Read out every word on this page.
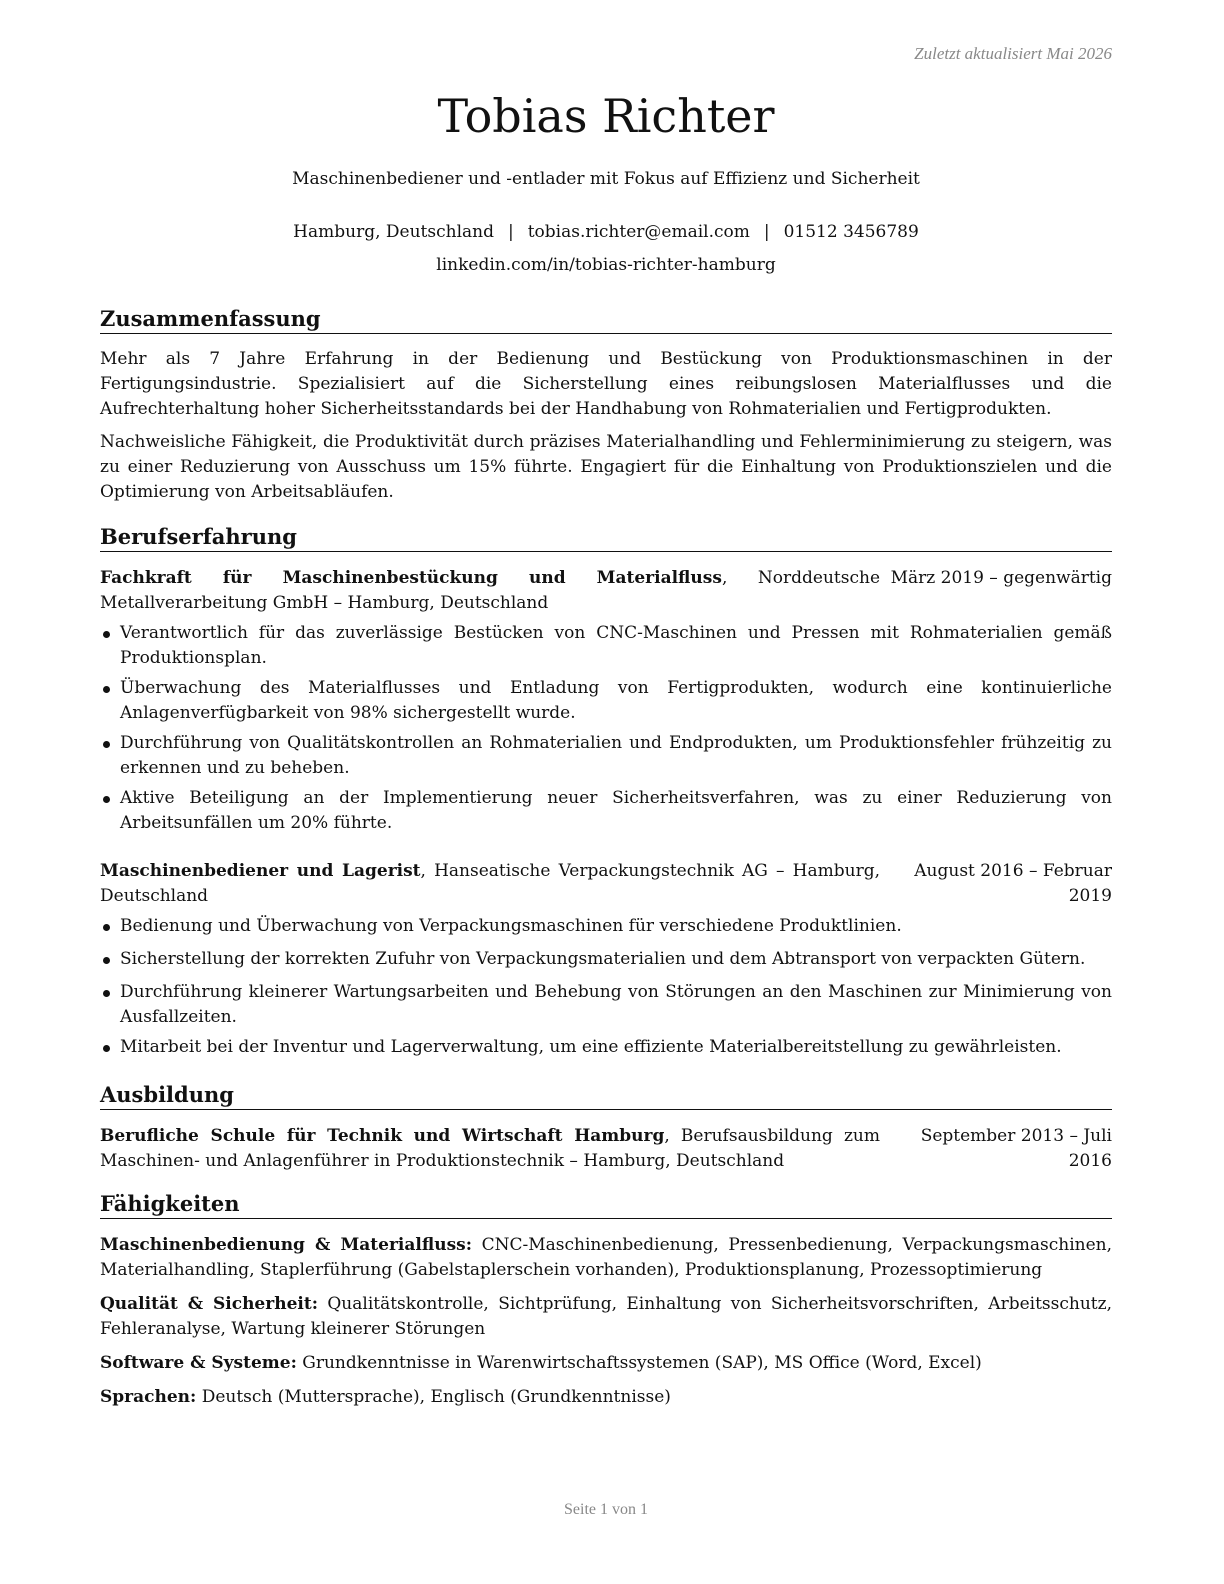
Zuletzt aktualisiert Mai 2026
Tobias Richter
Maschinenbediener und -entlader mit Fokus auf Effizienz und Sicherheit
Hamburg, Deutschland | tobias.richter@email.com | 01512 3456789
linkedin.com/in/tobias-richter-hamburg
Zusammenfassung

Mehr als 7 Jahre Erfahrung in der Bedienung und Bestückung von Produktionsmaschinen in der Fertigungsindustrie. Spezialisiert auf die Sicherstellung eines reibungslosen Materialflusses und die Aufrechterhaltung hoher Sicherheitsstandards bei der Handhabung von Rohmaterialien und Fertigprodukten.

Nachweisliche Fähigkeit, die Produktivität durch präzises Materialhandling und Fehlerminimierung zu steigern, was zu einer Reduzierung von Ausschuss um 15% führte. Engagiert für die Einhaltung von Produktionszielen und die Optimierung von Arbeitsabläufen.

Berufserfahrung
Fachkraft für Maschinenbestückung und Materialfluss, Norddeutsche Metallverarbeitung GmbH – Hamburg, Deutschland
März 2019 – gegenwärtig
Verantwortlich für das zuverlässige Bestücken von CNC-Maschinen und Pressen mit Rohmaterialien gemäß Produktionsplan.
Überwachung des Materialflusses und Entladung von Fertigprodukten, wodurch eine kontinuierliche Anlagenverfügbarkeit von 98% sichergestellt wurde.
Durchführung von Qualitätskontrollen an Rohmaterialien und Endprodukten, um Produktionsfehler frühzeitig zu erkennen und zu beheben.
Aktive Beteiligung an der Implementierung neuer Sicherheitsverfahren, was zu einer Reduzierung von Arbeitsunfällen um 20% führte.
Maschinenbediener und Lagerist, Hanseatische Verpackungstechnik AG – Hamburg, Deutschland
August 2016 – Februar 2019
Bedienung und Überwachung von Verpackungsmaschinen für verschiedene Produktlinien.
Sicherstellung der korrekten Zufuhr von Verpackungsmaterialien und dem Abtransport von verpackten Gütern.
Durchführung kleinerer Wartungsarbeiten und Behebung von Störungen an den Maschinen zur Minimierung von Ausfallzeiten.
Mitarbeit bei der Inventur und Lagerverwaltung, um eine effiziente Materialbereitstellung zu gewährleisten.
Ausbildung
Berufliche Schule für Technik und Wirtschaft Hamburg, Berufsausbildung zum Maschinen- und Anlagenführer in Produktionstechnik – Hamburg, Deutschland
September 2013 – Juli 2016
Fähigkeiten
Maschinenbedienung & Materialfluss: CNC-Maschinenbedienung, Pressenbedienung, Verpackungsmaschinen, Materialhandling, Staplerführung (Gabelstaplerschein vorhanden), Produktionsplanung, Prozessoptimierung
Qualität & Sicherheit: Qualitätskontrolle, Sichtprüfung, Einhaltung von Sicherheitsvorschriften, Arbeitsschutz, Fehleranalyse, Wartung kleinerer Störungen
Software & Systeme: Grundkenntnisse in Warenwirtschaftssystemen (SAP), MS Office (Word, Excel)
Sprachen: Deutsch (Muttersprache), Englisch (Grundkenntnisse)
Seite 1 von 1
